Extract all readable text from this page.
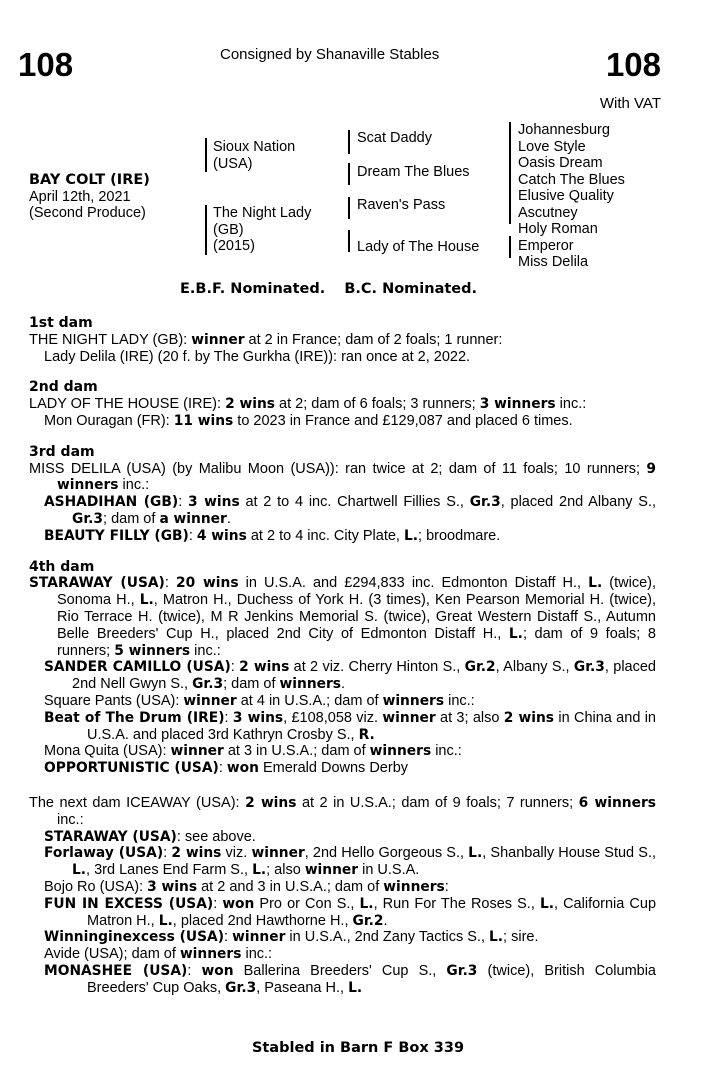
108	Consigned by Shanaville Stables	108
With VAT
BAY COLT (IRE)
April 12th, 2021
(Second Produce)
Sioux Nation
(USA)
The Night Lady
(GB)
(2015)
Scat Daddy
Dream The Blues
Raven's Pass
Lady of The House
Johannesburg
Love Style
Oasis Dream
Catch The Blues
Elusive Quality
Ascutney
Holy Roman
Emperor
Miss Delila
E.B.F. Nominated. B.C. Nominated.
1st dam
THE NIGHT LADY (GB): winner at 2 in France; dam of 2 foals; 1 runner:
Lady Delila (IRE) (20 f. by The Gurkha (IRE)): ran once at 2, 2022.
2nd dam
LADY OF THE HOUSE (IRE): 2 wins at 2; dam of 6 foals; 3 runners; 3 winners inc.:
Mon Ouragan (FR): 11 wins to 2023 in France and £129,087 and placed 6 times.
3rd dam
MISS DELILA (USA) (by Malibu Moon (USA)): ran twice at 2; dam of 11 foals; 10 runners; 9 winners inc.:
ASHADIHAN (GB): 3 wins at 2 to 4 inc. Chartwell Fillies S., Gr.3, placed 2nd Albany S., Gr.3; dam of a winner.
BEAUTY FILLY (GB): 4 wins at 2 to 4 inc. City Plate, L.; broodmare.
4th dam
STARAWAY (USA): 20 wins in U.S.A. and £294,833 inc. Edmonton Distaff H., L. (twice), Sonoma H., L., Matron H., Duchess of York H. (3 times), Ken Pearson Memorial H. (twice), Rio Terrace H. (twice), M R Jenkins Memorial S. (twice), Great Western Distaff S., Autumn Belle Breeders' Cup H., placed 2nd City of Edmonton Distaff H., L.; dam of 9 foals; 8 runners; 5 winners inc.:
SANDER CAMILLO (USA): 2 wins at 2 viz. Cherry Hinton S., Gr.2, Albany S., Gr.3, placed 2nd Nell Gwyn S., Gr.3; dam of winners.
Square Pants (USA): winner at 4 in U.S.A.; dam of winners inc.:
Beat of The Drum (IRE): 3 wins, £108,058 viz. winner at 3; also 2 wins in China and in U.S.A. and placed 3rd Kathryn Crosby S., R.
Mona Quita (USA): winner at 3 in U.S.A.; dam of winners inc.:
OPPORTUNISTIC (USA): won Emerald Downs Derby
The next dam ICEAWAY (USA): 2 wins at 2 in U.S.A.; dam of 9 foals; 7 runners; 6 winners inc.:
STARAWAY (USA): see above.
Forlaway (USA): 2 wins viz. winner, 2nd Hello Gorgeous S., L., Shanbally House Stud S., L., 3rd Lanes End Farm S., L.; also winner in U.S.A.
Bojo Ro (USA): 3 wins at 2 and 3 in U.S.A.; dam of winners:
FUN IN EXCESS (USA): won Pro or Con S., L., Run For The Roses S., L., California Cup Matron H., L., placed 2nd Hawthorne H., Gr.2.
Winninginexcess (USA): winner in U.S.A., 2nd Zany Tactics S., L.; sire.
Avide (USA); dam of winners inc.:
MONASHEE (USA): won Ballerina Breeders' Cup S., Gr.3 (twice), British Columbia Breeders' Cup Oaks, Gr.3, Paseana H., L.
Stabled in Barn F Box 339
